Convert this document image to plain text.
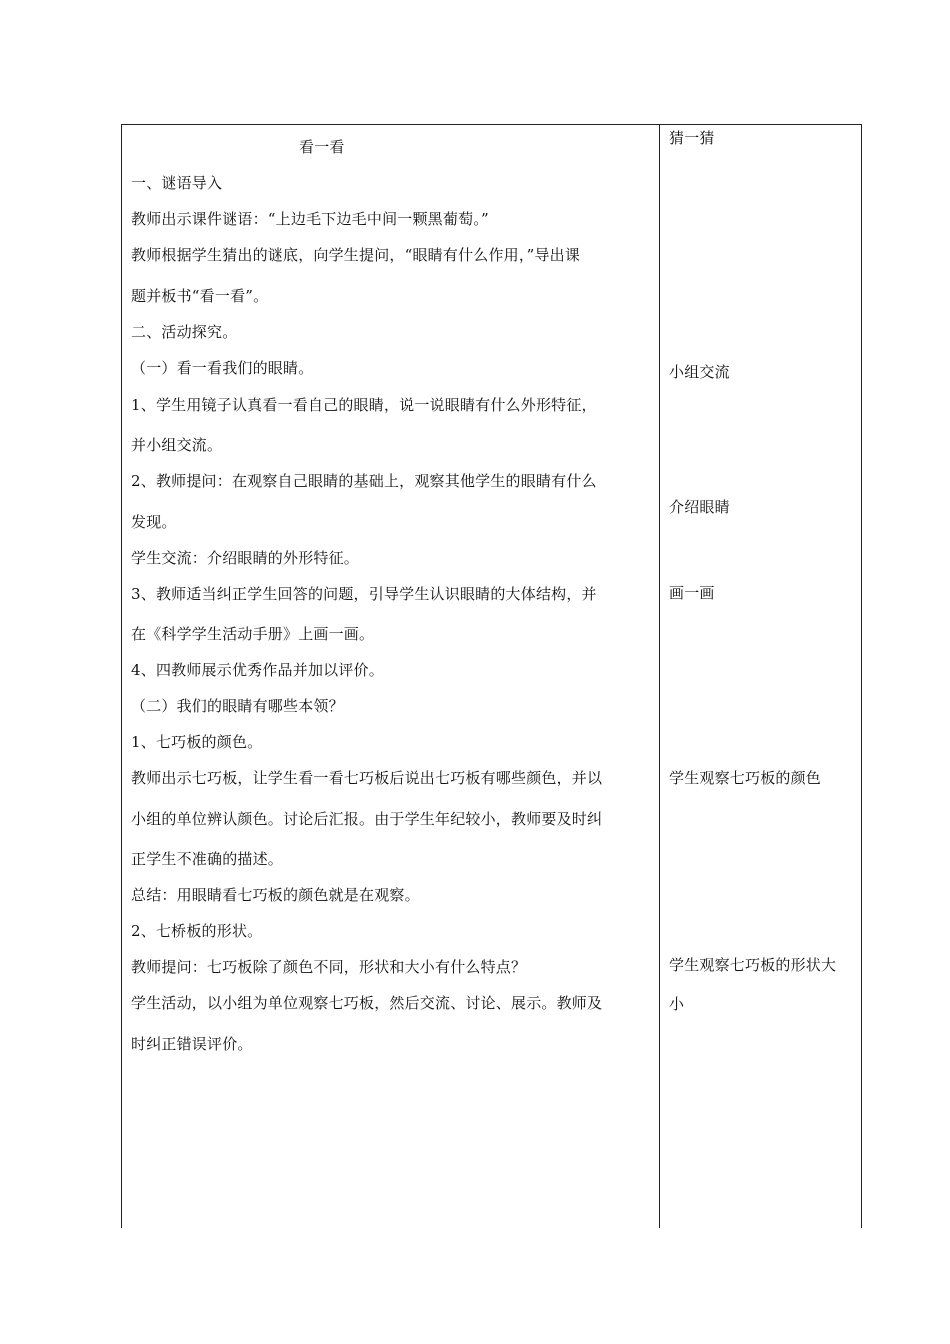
看一看
一、谜语导入
教师出示课件谜语：“上边毛下边毛中间一颗黑葡萄。”
教师根据学生猜出的谜底，向学生提问，“眼睛有什么作用，”导出课
题并板书“看一看”。
二、活动探究。
（一）看一看我们的眼睛。
1、学生用镜子认真看一看自己的眼睛，说一说眼睛有什么外形特征，
并小组交流。
2、教师提问：在观察自己眼睛的基础上，观察其他学生的眼睛有什么
发现。
学生交流：介绍眼睛的外形特征。
3、教师适当纠正学生回答的问题，引导学生认识眼睛的大体结构，并
在《科学学生活动手册》上画一画。
4、四教师展示优秀作品并加以评价。
（二）我们的眼睛有哪些本领？
1、七巧板的颜色。
教师出示七巧板，让学生看一看七巧板后说出七巧板有哪些颜色，并以
小组的单位辨认颜色。讨论后汇报。由于学生年纪较小，教师要及时纠
正学生不准确的描述。
总结：用眼睛看七巧板的颜色就是在观察。
2、七桥板的形状。
教师提问：七巧板除了颜色不同，形状和大小有什么特点？
学生活动，以小组为单位观察七巧板，然后交流、讨论、展示。教师及
时纠正错误评价。
猜一猜
小组交流
介绍眼睛
画一画
学生观察七巧板的颜色
学生观察七巧板的形状大
小
